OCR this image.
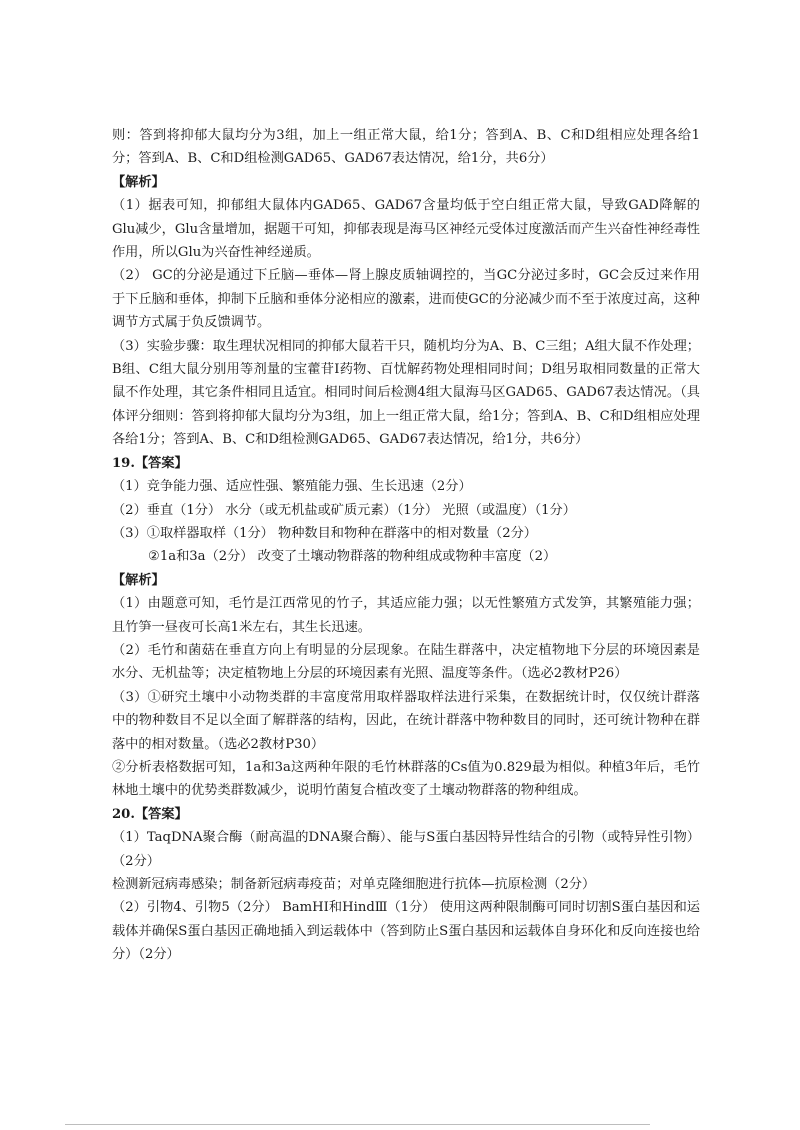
则：答到将抑郁大鼠均分为3组，加上一组正常大鼠，给1分；答到A、B、C和D组相应处理各给1分；答到A、B、C和D组检测GAD65、GAD67表达情况，给1分，共6分）

【解析】

（1）据表可知，抑郁组大鼠体内GAD65、GAD67含量均低于空白组正常大鼠，导致GAD降解的Glu减少，Glu含量增加，据题干可知，抑郁表现是海马区神经元受体过度激活而产生兴奋性神经毒性作用，所以Glu为兴奋性神经递质。

（2） GC的分泌是通过下丘脑—垂体—肾上腺皮质轴调控的，当GC分泌过多时，GC会反过来作用于下丘脑和垂体，抑制下丘脑和垂体分泌相应的激素，进而使GC的分泌减少而不至于浓度过高，这种调节方式属于负反馈调节。

（3）实验步骤：取生理状况相同的抑郁大鼠若干只，随机均分为A、B、C三组；A组大鼠不作处理；B组、C组大鼠分别用等剂量的宝藿苷Ⅰ药物、百忧解药物处理相同时间；D组另取相同数量的正常大鼠不作处理，其它条件相同且适宜。相同时间后检测4组大鼠海马区GAD65、GAD67表达情况。（具体评分细则：答到将抑郁大鼠均分为3组，加上一组正常大鼠，给1分；答到A、B、C和D组相应处理各给1分；答到A、B、C和D组检测GAD65、GAD67表达情况，给1分，共6分）

19.【答案】

（1）竞争能力强、适应性强、繁殖能力强、生长迅速（2分）

（2）垂直（1分） 水分（或无机盐或矿质元素）（1分） 光照（或温度）（1分）

（3）①取样器取样（1分） 物种数目和物种在群落中的相对数量（2分）

②1a和3a（2分） 改变了土壤动物群落的物种组成或物种丰富度（2）

【解析】

（1）由题意可知，毛竹是江西常见的竹子，其适应能力强；以无性繁殖方式发笋，其繁殖能力强；且竹笋一昼夜可长高1米左右，其生长迅速。

（2）毛竹和菌菇在垂直方向上有明显的分层现象。在陆生群落中，决定植物地下分层的环境因素是水分、无机盐等；决定植物地上分层的环境因素有光照、温度等条件。（选必2教材P26）

（3）①研究土壤中小动物类群的丰富度常用取样器取样法进行采集，在数据统计时，仅仅统计群落中的物种数目不足以全面了解群落的结构，因此，在统计群落中物种数目的同时，还可统计物种在群落中的相对数量。（选必2教材P30）

②分析表格数据可知，1a和3a这两种年限的毛竹林群落的Cs值为0.829最为相似。种植3年后，毛竹林地土壤中的优势类群数减少，说明竹菌复合植改变了土壤动物群落的物种组成。

20.【答案】

（1）TaqDNA聚合酶（耐高温的DNA聚合酶）、能与S蛋白基因特异性结合的引物（或特异性引物）（2分）

检测新冠病毒感染；制备新冠病毒疫苗；对单克隆细胞进行抗体—抗原检测（2分）

（2）引物4、引物5（2分） BamHⅠ和HindⅢ（1分） 使用这两种限制酶可同时切割S蛋白基因和运载体并确保S蛋白基因正确地插入到运载体中（答到防止S蛋白基因和运载体自身环化和反向连接也给分）（2分）
